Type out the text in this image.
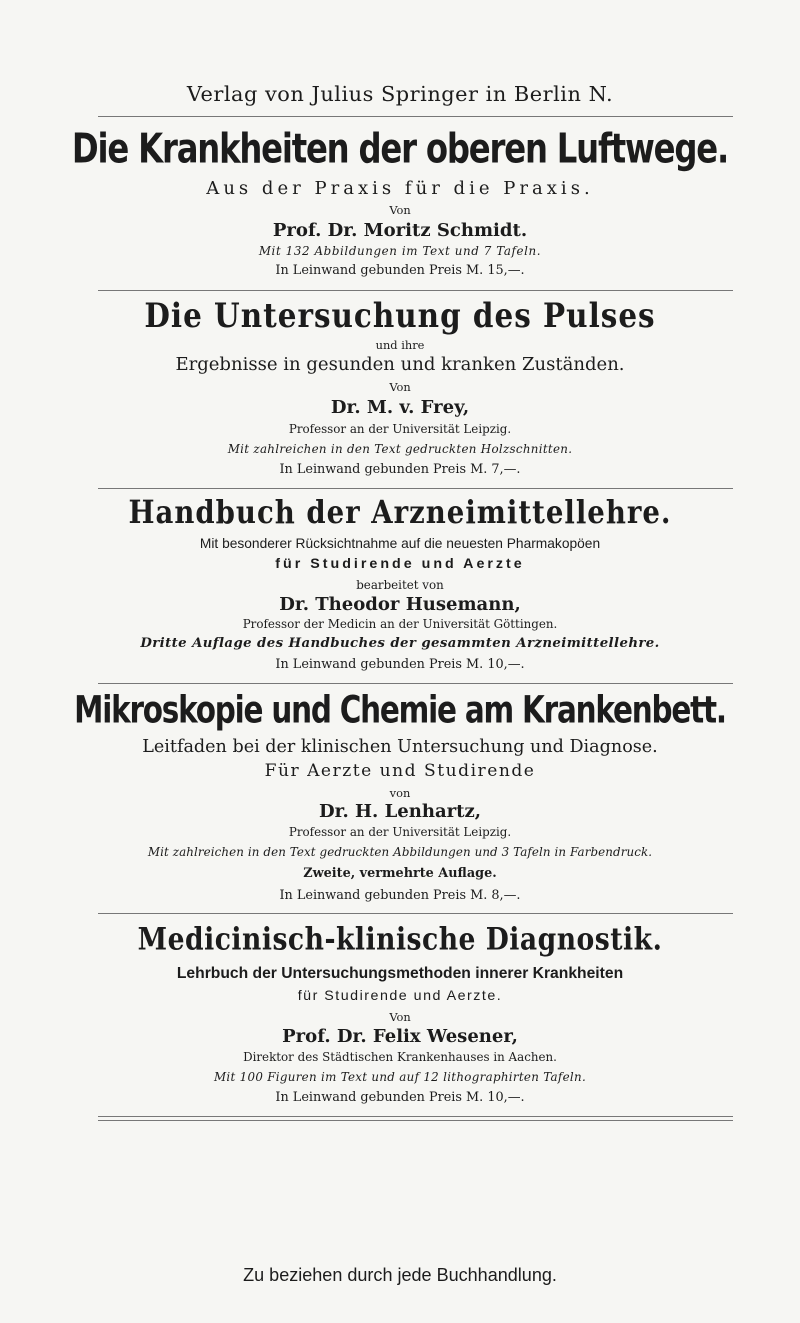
Verlag von Julius Springer in Berlin N.
Die Krankheiten der oberen Luftwege.
Aus der Praxis für die Praxis.
Von
Prof. Dr. Moritz Schmidt.
Mit 132 Abbildungen im Text und 7 Tafeln.
In Leinwand gebunden Preis M. 15,—.
Die Untersuchung des Pulses
und ihre
Ergebnisse in gesunden und kranken Zuständen.
Von
Dr. M. v. Frey,
Professor an der Universität Leipzig.
Mit zahlreichen in den Text gedruckten Holzschnitten.
In Leinwand gebunden Preis M. 7,—.
Handbuch der Arzneimittellehre.
Mit besonderer Rücksichtnahme auf die neuesten Pharmakopöen
für Studirende und Aerzte
bearbeitet von
Dr. Theodor Husemann,
Professor der Medicin an der Universität Göttingen.
Dritte Auflage des Handbuches der gesammten Arzneimittellehre.
In Leinwand gebunden Preis M. 10,—.
Mikroskopie und Chemie am Krankenbett.
Leitfaden bei der klinischen Untersuchung und Diagnose.
Für Aerzte und Studirende
von
Dr. H. Lenhartz,
Professor an der Universität Leipzig.
Mit zahlreichen in den Text gedruckten Abbildungen und 3 Tafeln in Farbendruck.
Zweite, vermehrte Auflage.
In Leinwand gebunden Preis M. 8,—.
Medicinisch-klinische Diagnostik.
Lehrbuch der Untersuchungsmethoden innerer Krankheiten
für Studirende und Aerzte.
Von
Prof. Dr. Felix Wesener,
Direktor des Städtischen Krankenhauses in Aachen.
Mit 100 Figuren im Text und auf 12 lithographirten Tafeln.
In Leinwand gebunden Preis M. 10,—.
Zu beziehen durch jede Buchhandlung.
